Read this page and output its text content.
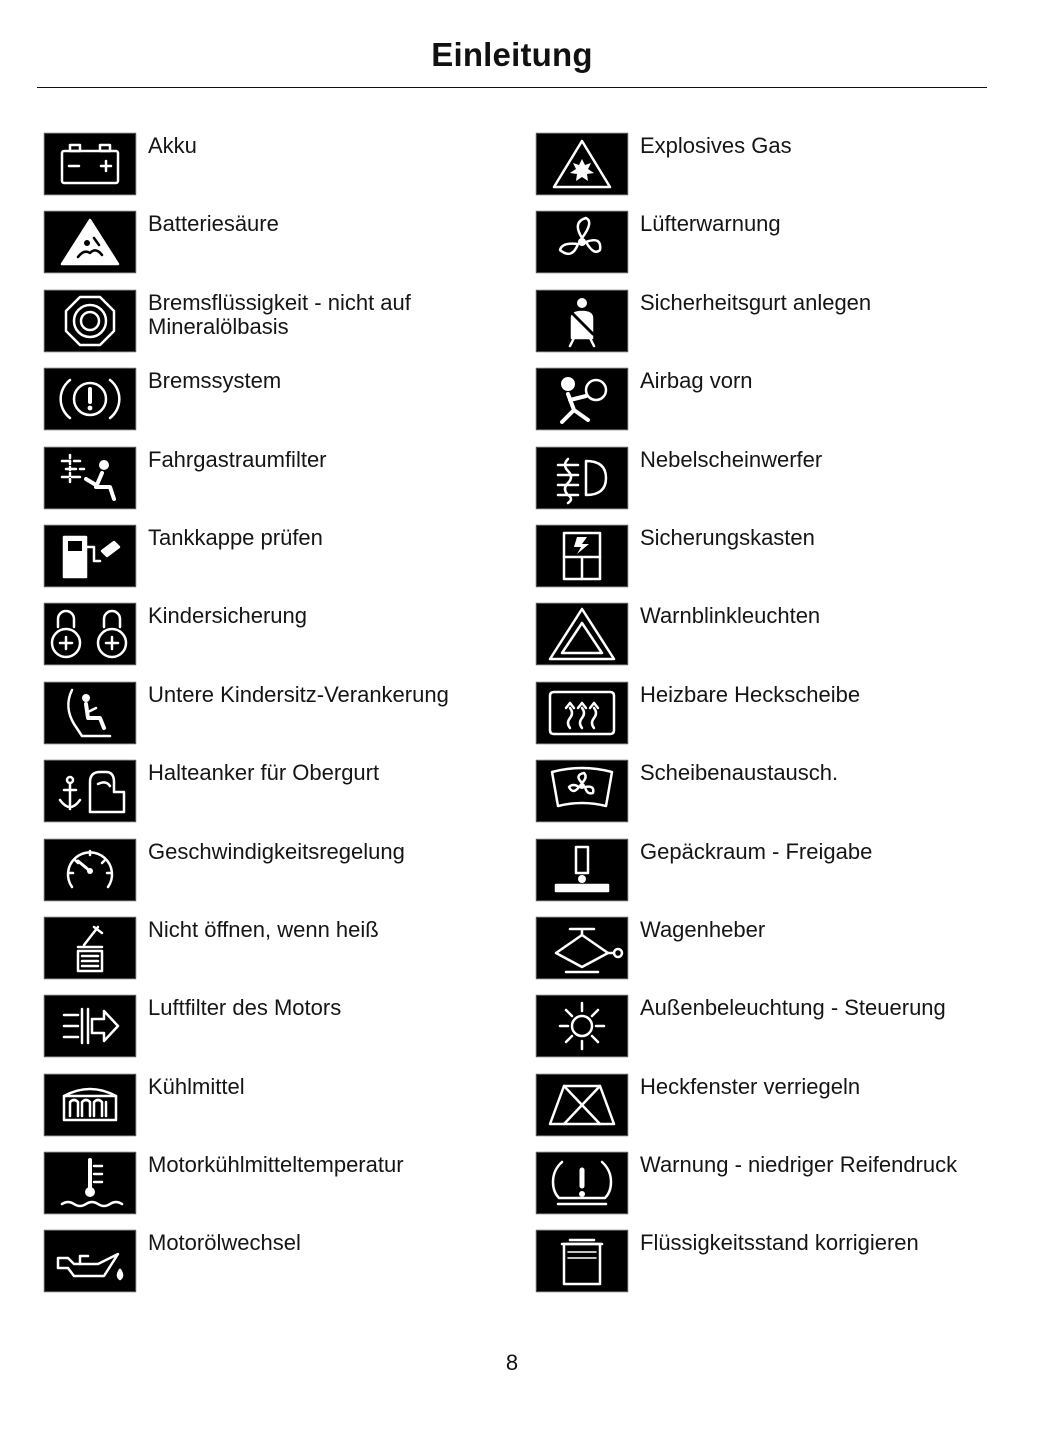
Einleitung
Akku
Batteriesäure
Bremsflüssigkeit - nicht auf Mineralölbasis
Bremssystem
Fahrgastraumfilter
Tankkappe prüfen
Kindersicherung
Untere Kindersitz-Verankerung
Halteanker für Obergurt
Geschwindigkeitsregelung
Nicht öffnen, wenn heiß
Luftfilter des Motors
Kühlmittel
Motorkühlmitteltemperatur
Motorölwechsel
Explosives Gas
Lüfterwarnung
Sicherheitsgurt anlegen
Airbag vorn
Nebelscheinwerfer
Sicherungskasten
Warnblinkleuchten
Heizbare Heckscheibe
Scheibenaustausch.
Gepäckraum - Freigabe
Wagenheber
Außenbeleuchtung - Steuerung
Heckfenster verriegeln
Warnung - niedriger Reifendruck
Flüssigkeitsstand korrigieren
8
